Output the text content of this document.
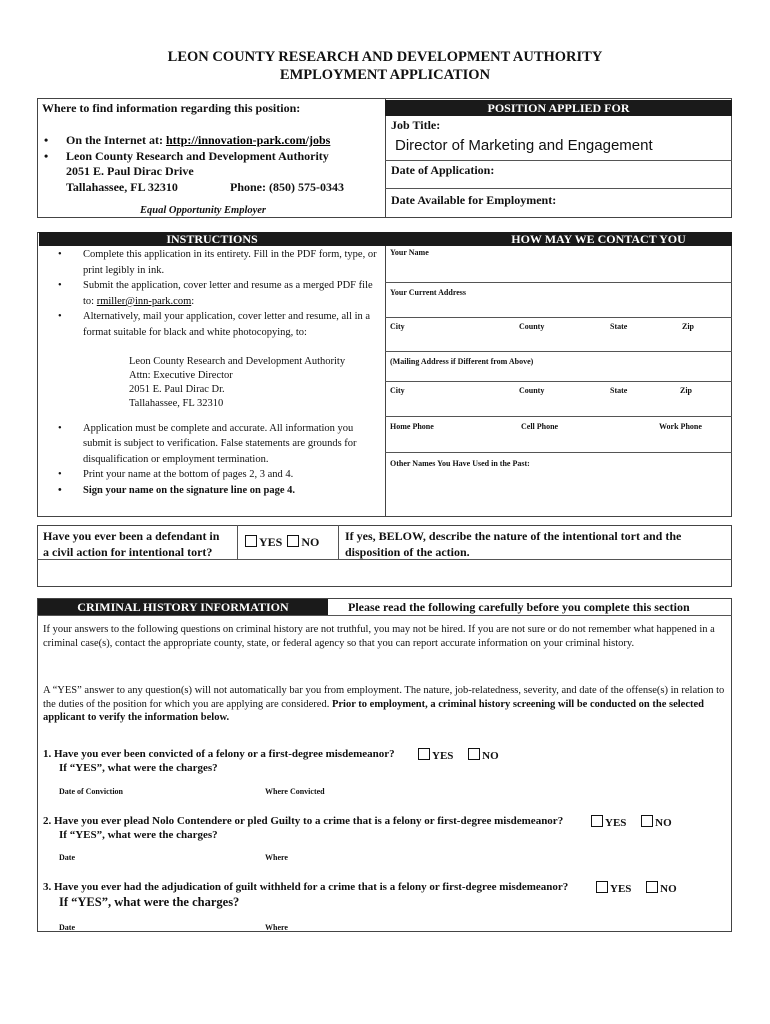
LEON COUNTY RESEARCH AND DEVELOPMENT AUTHORITY
EMPLOYMENT APPLICATION
Where to find information regarding this position:
• On the Internet at: http://innovation-park.com/jobs
• Leon County Research and Development Authority
2051 E. Paul Dirac Drive
Tallahassee, FL 32310	Phone: (850) 575-0343
Equal Opportunity Employer
POSITION APPLIED FOR
Job Title:
Director of Marketing and Engagement
Date of Application:
Date Available for Employment:
INSTRUCTIONS
•	Complete this application in its entirety. Fill in the PDF form, type, or print legibly in ink.
•	Submit the application, cover letter and resume as a merged PDF file to: rmiller@inn-park.com:
•	Alternatively, mail your application, cover letter and resume, all in a format suitable for black and white photocopying, to:
Leon County Research and Development Authority
Attn: Executive Director
2051 E. Paul Dirac Dr.
Tallahassee, FL 32310
•	Application must be complete and accurate. All information you submit is subject to verification. False statements are grounds for disqualification or employment termination.
•	Print your name at the bottom of pages 2, 3 and 4.
•	Sign your name on the signature line on page 4.
HOW MAY WE CONTACT YOU
Your Name
Your Current Address
City	County	State	Zip
(Mailing Address if Different from Above)
City	County	State	Zip
Home Phone	Cell Phone	Work Phone
Other Names You Have Used in the Past:
Have you ever been a defendant in
a civil action for intentional tort?
YES NO If yes, BELOW, describe the nature of the intentional tort and the
disposition of the action.
CRIMINAL HISTORY INFORMATION	Please read the following carefully before you complete this section
If your answers to the following questions on criminal history are not truthful, you may not be hired. If you are not sure or do not remember what happened in a criminal case(s), contact the appropriate county, state, or federal agency so that you can report accurate information on your criminal history.
A “YES” answer to any question(s) will not automatically bar you from employment. The nature, job-relatedness, severity, and date of the offense(s) in relation to the duties of the position for which you are applying are considered. Prior to employment, a criminal history screening will be conducted on the selected applicant to verify the information below.
1. Have you ever been convicted of a felony or a first-degree misdemeanor?	YES	NO
If “YES”, what were the charges?
Date of Conviction	Where Convicted
2. Have you ever plead Nolo Contendere or pled Guilty to a crime that is a felony or first-degree misdemeanor?	YES	NO
If “YES”, what were the charges?
Date	Where
3. Have you ever had the adjudication of guilt withheld for a crime that is a felony or first-degree misdemeanor?	YES	NO
If “YES”, what were the charges?
Date	Where
